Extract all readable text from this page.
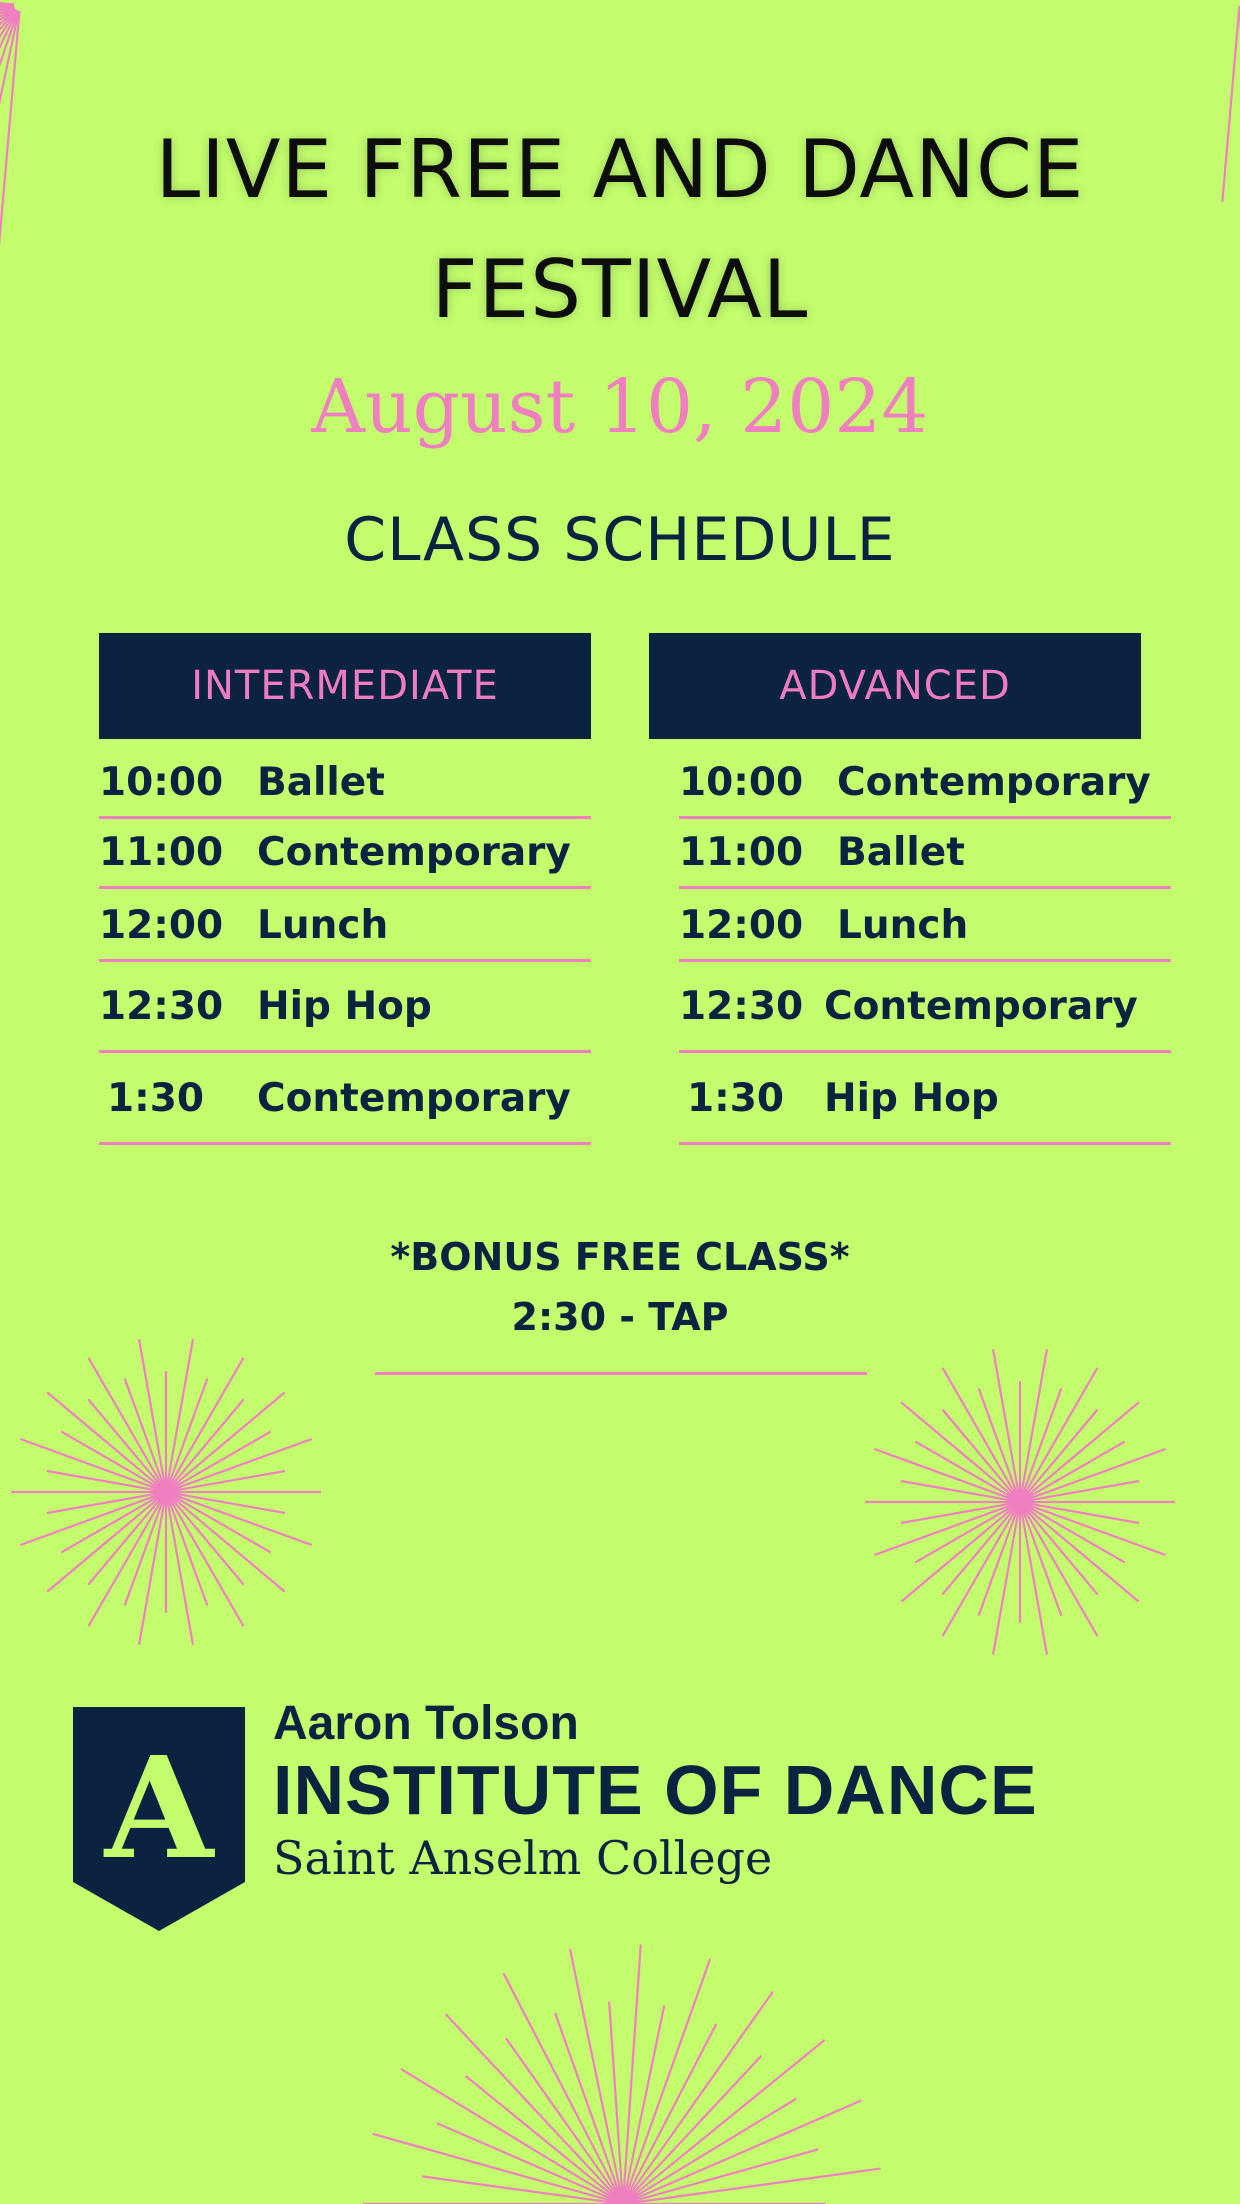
LIVE FREE AND DANCE
FESTIVAL
August 10, 2024
CLASS SCHEDULE
INTERMEDIATE
10:00 Ballet
11:00 Contemporary
12:00 Lunch
12:30 Hip Hop
1:30 Contemporary
ADVANCED
10:00 Contemporary
11:00 Ballet
12:00 Lunch
12:30 Contemporary
1:30 Hip Hop
*BONUS FREE CLASS*
2:30 - TAP
A
Aaron Tolson
INSTITUTE OF DANCE
Saint Anselm College
